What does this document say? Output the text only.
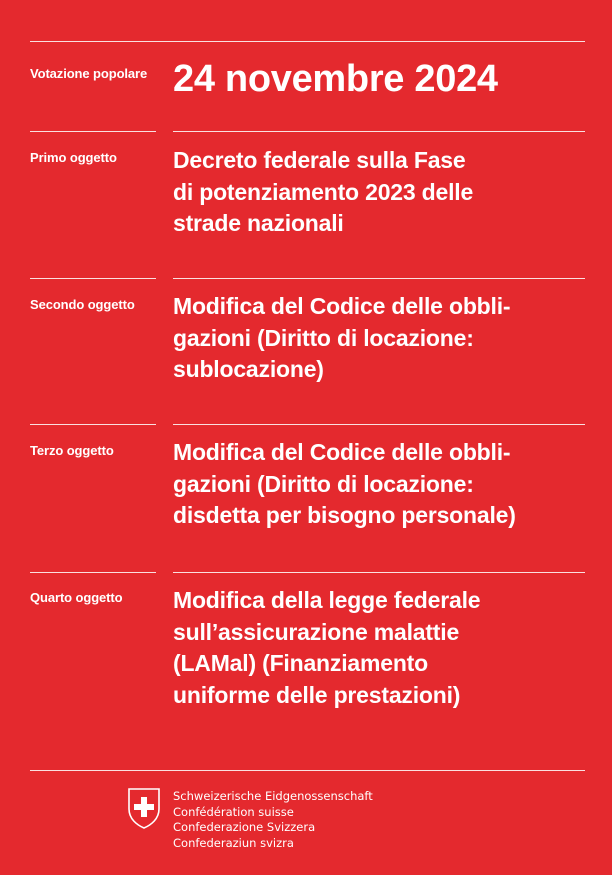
Votazione popolare 24 novembre 2024
Primo oggetto Decreto federale sulla Fase
di potenziamento 2023 delle
strade nazionali
Secondo oggetto Modifica del Codice delle obbli-
gazioni (Diritto di locazione:
sublocazione)
Terzo oggetto	Modifica del Codice delle obbli-
gazioni (Diritto di locazione:
disdetta per bisogno personale)
Quarto oggetto Modifica della legge federale
sull’assicurazione malattie
(LAMal) (Finanziamento
uniforme delle prestazioni)
Schweizerische Eidgenossenschaft
Confédération suisse
Confederazione Svizzera
Confederaziun svizra
